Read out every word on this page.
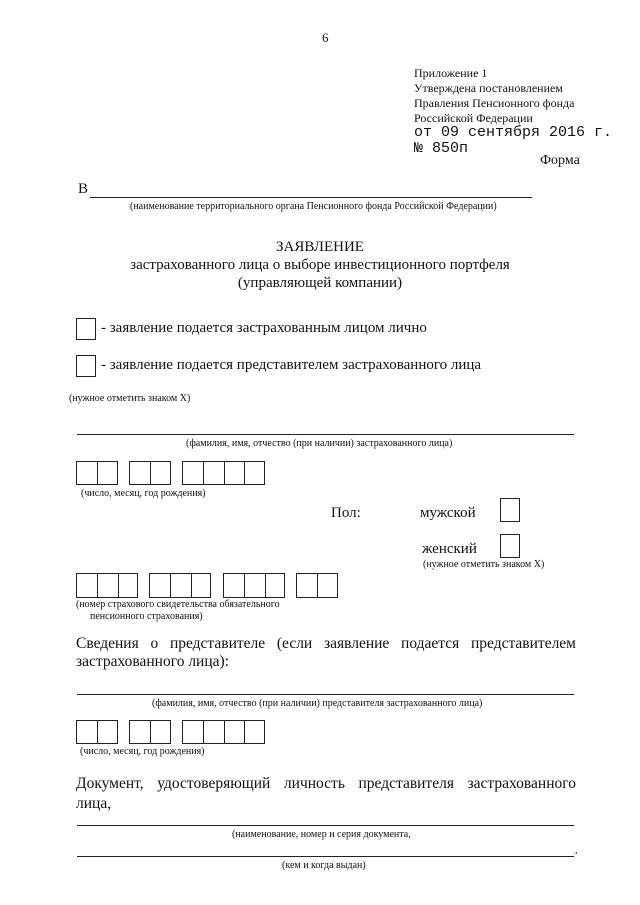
6
Приложение 1
Утверждена постановлением
Правления Пенсионного фонда
Российской Федерации
от 09 сентября 2016 г.
№ 850п
Форма
В
(наименование территориального органа Пенсионного фонда Российской Федерации)
ЗАЯВЛЕНИЕ
застрахованного лица о выборе инвестиционного портфеля
(управляющей компании)
- заявление подается застрахованным лицом лично
- заявление подается представителем застрахованного лица
(нужное отметить знаком Х)
(фамилия, имя, отчество (при наличии) застрахованного лица)
(число, месяц, год рождения)
Пол:	мужской
женский
(нужное отметить знаком Х)
(номер страхового свидетельства обязательного
пенсионного страхования)
Сведения о представителе (если заявление подается представителем
застрахованного лица):
(фамилия, имя, отчество (при наличии) представителя застрахованного лица)
(число, месяц, год рождения)
Документ, удостоверяющий личность представителя застрахованного
лица,
(наименование, номер и серия документа,
,
(кем и когда выдан)
